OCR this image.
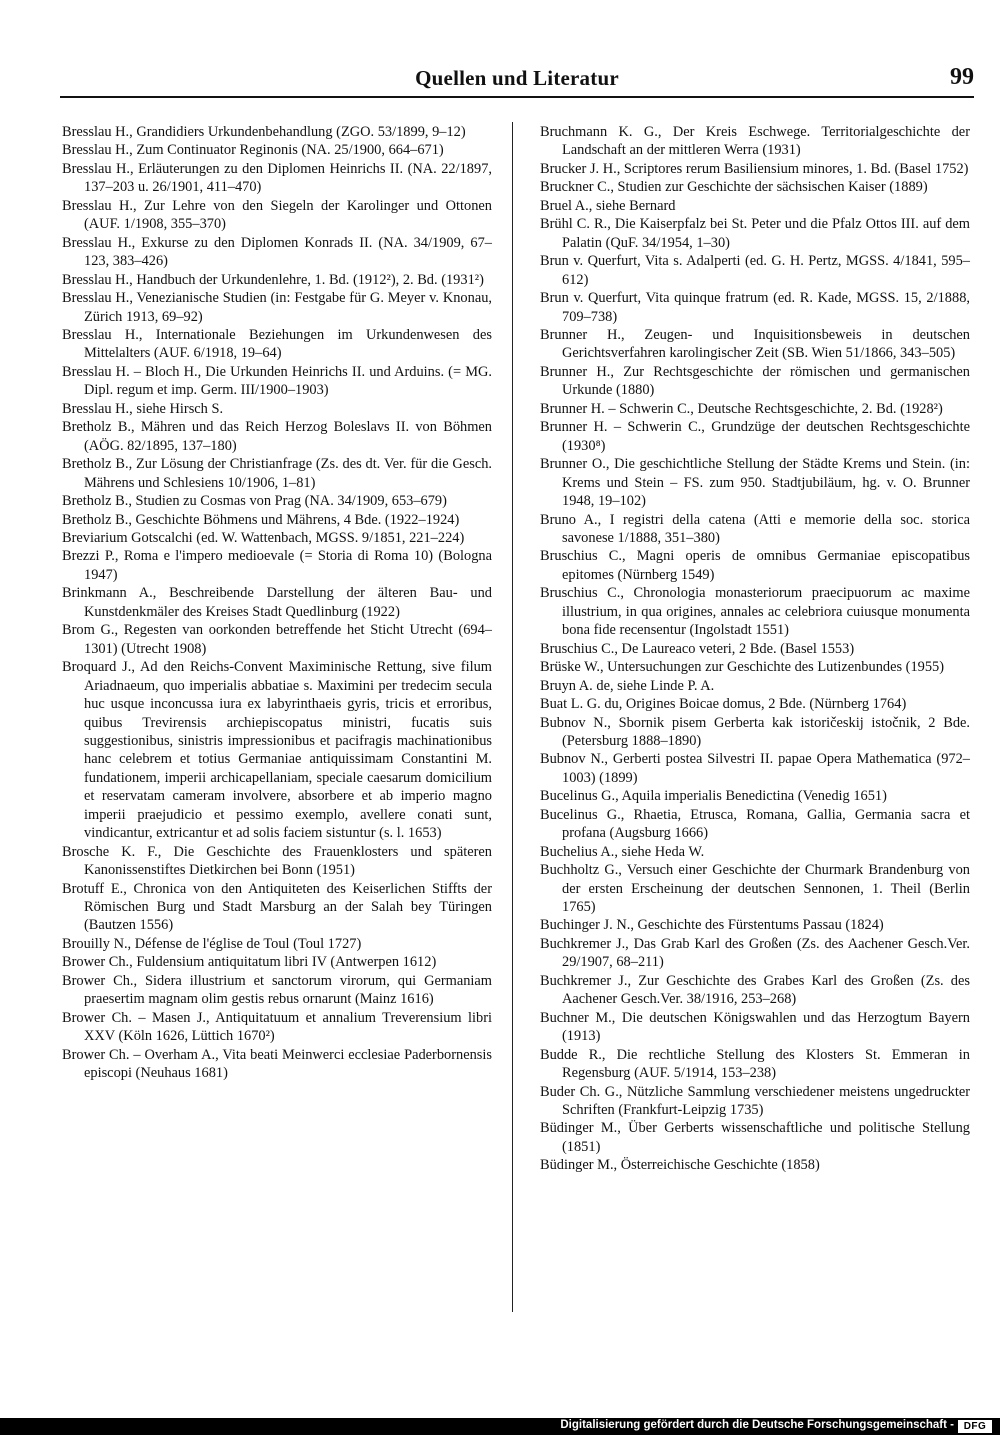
Quellen und Literatur	99

Bresslau H., Grandidiers Urkundenbehandlung (ZGO. 53/1899, 9–12)

Bresslau H., Zum Continuator Reginonis (NA. 25/1900, 664–671)

Bresslau H., Erläuterungen zu den Diplomen Heinrichs II. (NA. 22/1897, 137–203 u. 26/1901, 411–470)

Bresslau H., Zur Lehre von den Siegeln der Karolinger und Ottonen (AUF. 1/1908, 355–370)

Bresslau H., Exkurse zu den Diplomen Konrads II. (NA. 34/1909, 67–123, 383–426)

Bresslau H., Handbuch der Urkundenlehre, 1. Bd. (1912²), 2. Bd. (1931²)

Bresslau H., Venezianische Studien (in: Festgabe für G. Meyer v. Knonau, Zürich 1913, 69–92)

Bresslau H., Internationale Beziehungen im Urkundenwesen des Mittelalters (AUF. 6/1918, 19–64)

Bresslau H. – Bloch H., Die Urkunden Heinrichs II. und Arduins. (= MG. Dipl. regum et imp. Germ. III/1900–1903)

Bresslau H., siehe Hirsch S.

Bretholz B., Mähren und das Reich Herzog Boleslavs II. von Böhmen (AÖG. 82/1895, 137–180)

Bretholz B., Zur Lösung der Christianfrage (Zs. des dt. Ver. für die Gesch. Mährens und Schlesiens 10/1906, 1–81)

Bretholz B., Studien zu Cosmas von Prag (NA. 34/1909, 653–679)

Bretholz B., Geschichte Böhmens und Mährens, 4 Bde. (1922–1924)

Breviarium Gotscalchi (ed. W. Wattenbach, MGSS. 9/1851, 221–224)

Brezzi P., Roma e l'impero medioevale (= Storia di Roma 10) (Bologna 1947)

Brinkmann A., Beschreibende Darstellung der älteren Bau- und Kunstdenkmäler des Kreises Stadt Quedlinburg (1922)

Brom G., Regesten van oorkonden betreffende het Sticht Utrecht (694–1301) (Utrecht 1908)

Broquard J., Ad den Reichs-Convent Maximinische Rettung, sive filum Ariadnaeum, quo imperialis abbatiae s. Maximini per tredecim secula huc usque inconcussa iura ex labyrinthaeis gyris, tricis et erroribus, quibus Trevirensis archiepiscopatus ministri, fucatis suis suggestionibus, sinistris impressionibus et pacifragis machinationibus hanc celebrem et totius Germaniae antiquissimam Constantini M. fundationem, imperii archicapellaniam, speciale caesarum domicilium et reservatam cameram involvere, absorbere et ab imperio magno imperii praejudicio et pessimo exemplo, avellere conati sunt, vindicantur, extricantur et ad solis faciem sistuntur (s. l. 1653)

Brosche K. F., Die Geschichte des Frauenklosters und späteren Kanonissenstiftes Dietkirchen bei Bonn (1951)

Brotuff E., Chronica von den Antiquiteten des Keiserlichen Stiffts der Römischen Burg und Stadt Marsburg an der Salah bey Türingen (Bautzen 1556)

Brouilly N., Défense de l'église de Toul (Toul 1727)

Brower Ch., Fuldensium antiquitatum libri IV (Antwerpen 1612)

Brower Ch., Sidera illustrium et sanctorum virorum, qui Germaniam praesertim magnam olim gestis rebus ornarunt (Mainz 1616)

Brower Ch. – Masen J., Antiquitatuum et annalium Treverensium libri XXV (Köln 1626, Lüttich 1670²)

Brower Ch. – Overham A., Vita beati Meinwerci ecclesiae Paderbornensis episcopi (Neuhaus 1681)

Bruchmann K. G., Der Kreis Eschwege. Territorialgeschichte der Landschaft an der mittleren Werra (1931)

Brucker J. H., Scriptores rerum Basiliensium minores, 1. Bd. (Basel 1752)

Bruckner C., Studien zur Geschichte der sächsischen Kaiser (1889)

Bruel A., siehe Bernard

Brühl C. R., Die Kaiserpfalz bei St. Peter und die Pfalz Ottos III. auf dem Palatin (QuF. 34/1954, 1–30)

Brun v. Querfurt, Vita s. Adalperti (ed. G. H. Pertz, MGSS. 4/1841, 595–612)

Brun v. Querfurt, Vita quinque fratrum (ed. R. Kade, MGSS. 15, 2/1888, 709–738)

Brunner H., Zeugen- und Inquisitionsbeweis in deutschen Gerichtsverfahren karolingischer Zeit (SB. Wien 51/1866, 343–505)

Brunner H., Zur Rechtsgeschichte der römischen und germanischen Urkunde (1880)

Brunner H. – Schwerin C., Deutsche Rechtsgeschichte, 2. Bd. (1928²)

Brunner H. – Schwerin C., Grundzüge der deutschen Rechtsgeschichte (1930⁸)

Brunner O., Die geschichtliche Stellung der Städte Krems und Stein. (in: Krems und Stein – FS. zum 950. Stadtjubiläum, hg. v. O. Brunner 1948, 19–102)

Bruno A., I registri della catena (Atti e memorie della soc. storica savonese 1/1888, 351–380)

Bruschius C., Magni operis de omnibus Germaniae episcopatibus epitomes (Nürnberg 1549)

Bruschius C., Chronologia monasteriorum praecipuorum ac maxime illustrium, in qua origines, annales ac celebriora cuiusque monumenta bona fide recensentur (Ingolstadt 1551)

Bruschius C., De Laureaco veteri, 2 Bde. (Basel 1553)

Brüske W., Untersuchungen zur Geschichte des Lutizenbundes (1955)

Bruyn A. de, siehe Linde P. A.

Buat L. G. du, Origines Boicae domus, 2 Bde. (Nürnberg 1764)

Bubnov N., Sbornik pisem Gerberta kak istoričeskij istočnik, 2 Bde. (Petersburg 1888–1890)

Bubnov N., Gerberti postea Silvestri II. papae Opera Mathematica (972–1003) (1899)

Bucelinus G., Aquila imperialis Benedictina (Venedig 1651)

Bucelinus G., Rhaetia, Etrusca, Romana, Gallia, Germania sacra et profana (Augsburg 1666)

Buchelius A., siehe Heda W.

Buchholtz G., Versuch einer Geschichte der Churmark Brandenburg von der ersten Erscheinung der deutschen Sennonen, 1. Theil (Berlin 1765)

Buchinger J. N., Geschichte des Fürstentums Passau (1824)

Buchkremer J., Das Grab Karl des Großen (Zs. des Aachener Gesch.Ver. 29/1907, 68–211)

Buchkremer J., Zur Geschichte des Grabes Karl des Großen (Zs. des Aachener Gesch.Ver. 38/1916, 253–268)

Buchner M., Die deutschen Königswahlen und das Herzogtum Bayern (1913)

Budde R., Die rechtliche Stellung des Klosters St. Emmeran in Regensburg (AUF. 5/1914, 153–238)

Buder Ch. G., Nützliche Sammlung verschiedener meistens ungedruckter Schriften (Frankfurt-Leipzig 1735)

Büdinger M., Über Gerberts wissenschaftliche und politische Stellung (1851)

Büdinger M., Österreichische Geschichte (1858)

Digitalisierung gefördert durch die Deutsche Forschungsgemeinschaft - DFG
